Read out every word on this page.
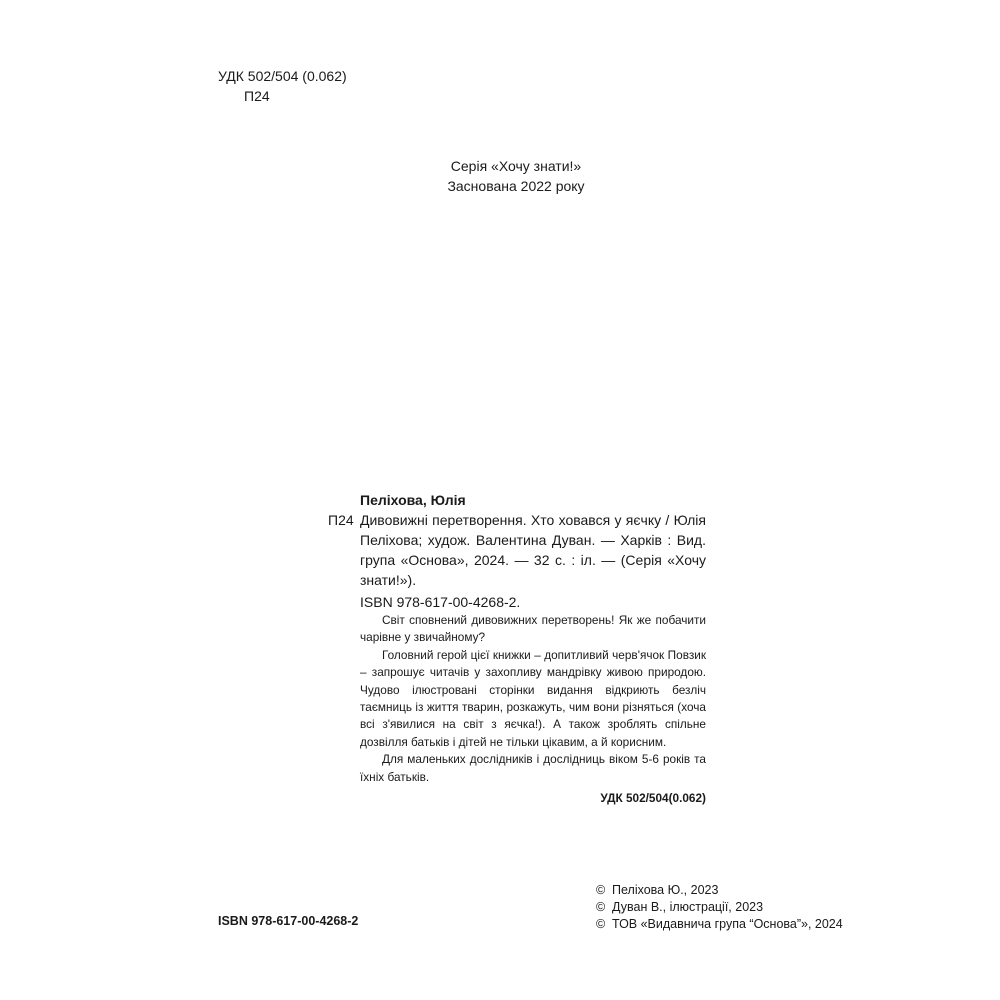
УДК 502/504 (0.062)
П24
Серія «Хочу знати!»
Заснована 2022 року
Пеліхова, Юлія
П24 Дивовижні перетворення. Хто ховався у яєчку / Юлія Пеліхова; худож. Валентина Дуван. — Харків : Вид. група «Основа», 2024. — 32 с. : іл. — (Серія «Хочу знати!»).
ISBN 978-617-00-4268-2.

Світ сповнений дивовижних перетворень! Як же побачити чарівне у звичайному?

Головний герой цієї книжки – допитливий черв'ячок Повзик – запрошує читачів у захопливу мандрівку живою природою. Чудово ілюстровані сторінки видання відкриють безліч таємниць із життя тварин, розкажуть, чим вони різняться (хоча всі з'явилися на світ з яєчка!). А також зроблять спільне дозвілля батьків і дітей не тільки цікавим, а й корисним.

Для маленьких дослідників і дослідниць віком 5-6 років та їхніх батьків.

УДК 502/504(0.062)
ISBN 978-617-00-4268-2
© Пеліхова Ю., 2023
© Дуван В., ілюстрації, 2023
© ТОВ «Видавнича група “Основа”», 2024
